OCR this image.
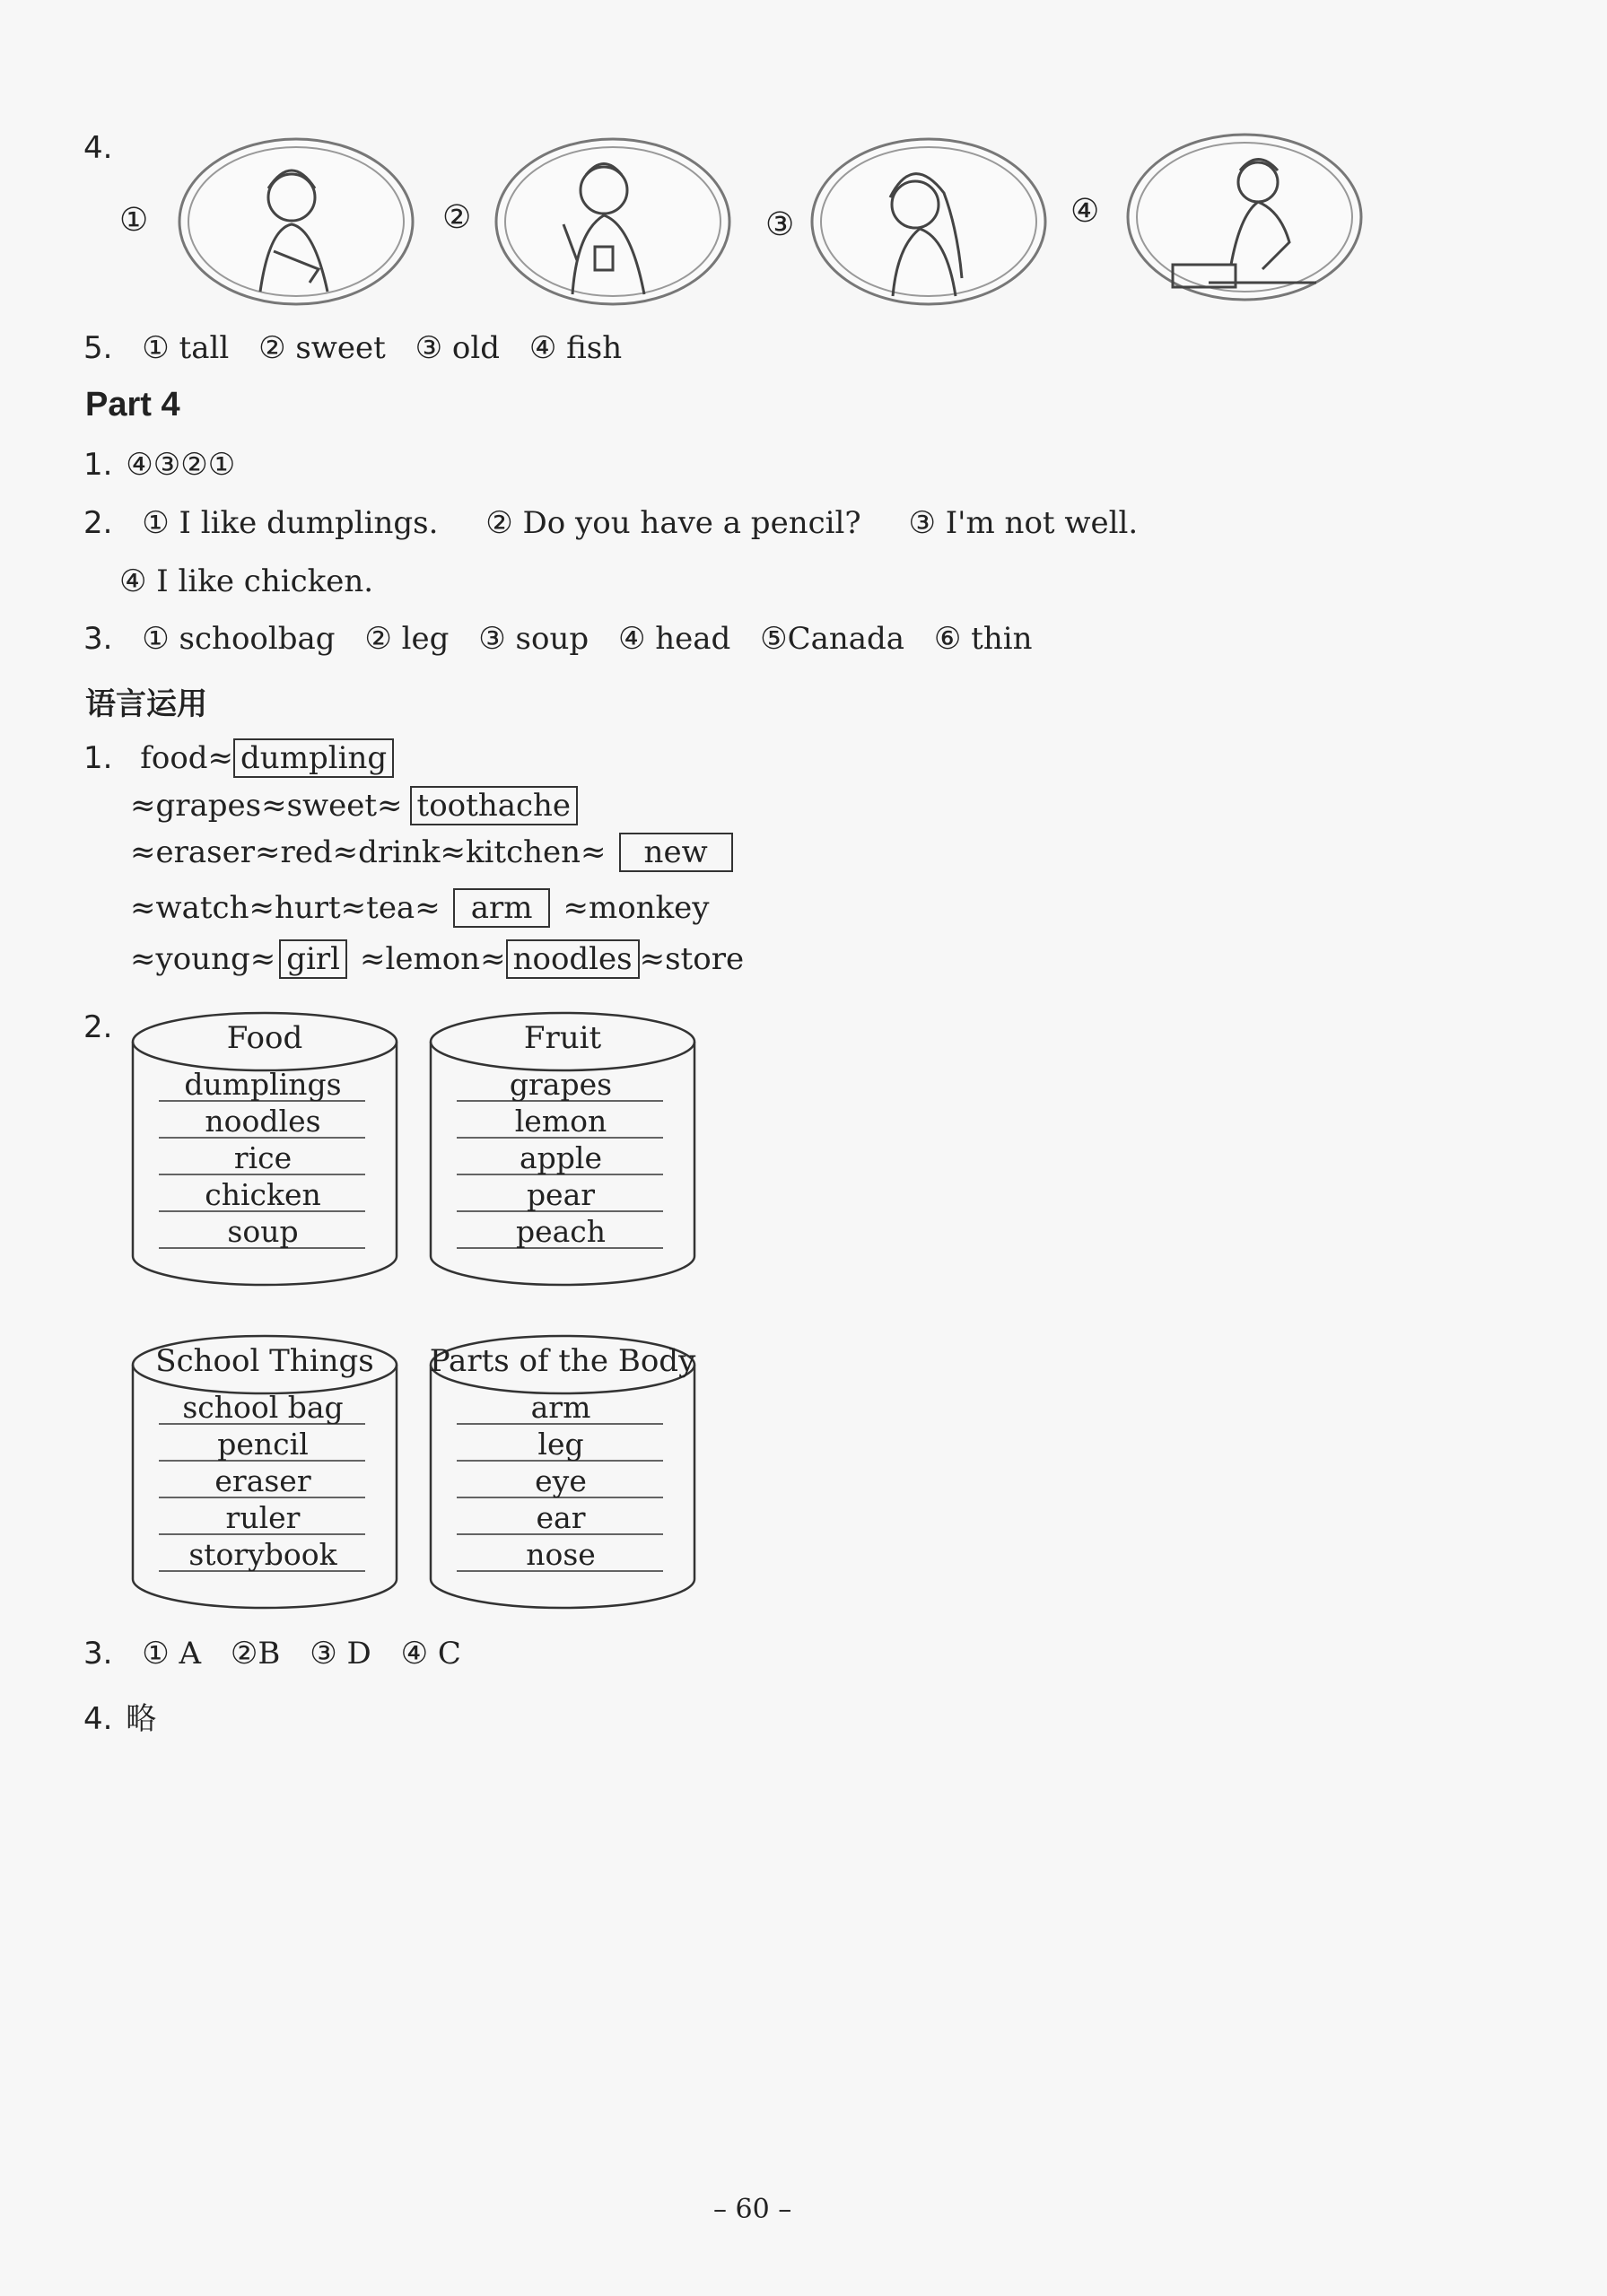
4.
①	②	③	④
5. ① tall ② sweet ③ old ④ fish
Part 4
1. ④③②①
2. ① I like dumplings. ② Do you have a pencil? ③ I'm not well.
④ I like chicken.
3. ① schoolbag ② leg ③ soup ④ head ⑤Canada ⑥ thin
语言运用
1. food≈ dumpling
≈grapes≈sweet≈ toothache
≈eraser≈red≈drink≈kitchen≈ new
≈watch≈hurt≈tea≈ arm ≈monkey
≈young≈ girl ≈lemon≈ noodles ≈store
2.	Food
dumplings
noodles
rice
chicken
soup
Fruit
grapes
lemon
apple
pear
peach
School Things
school bag
pencil
eraser
ruler
storybook
Parts of the Body
arm
leg
eye
ear
nose
3. ① A ②B ③ D ④ C
4. 略
– 60 –
